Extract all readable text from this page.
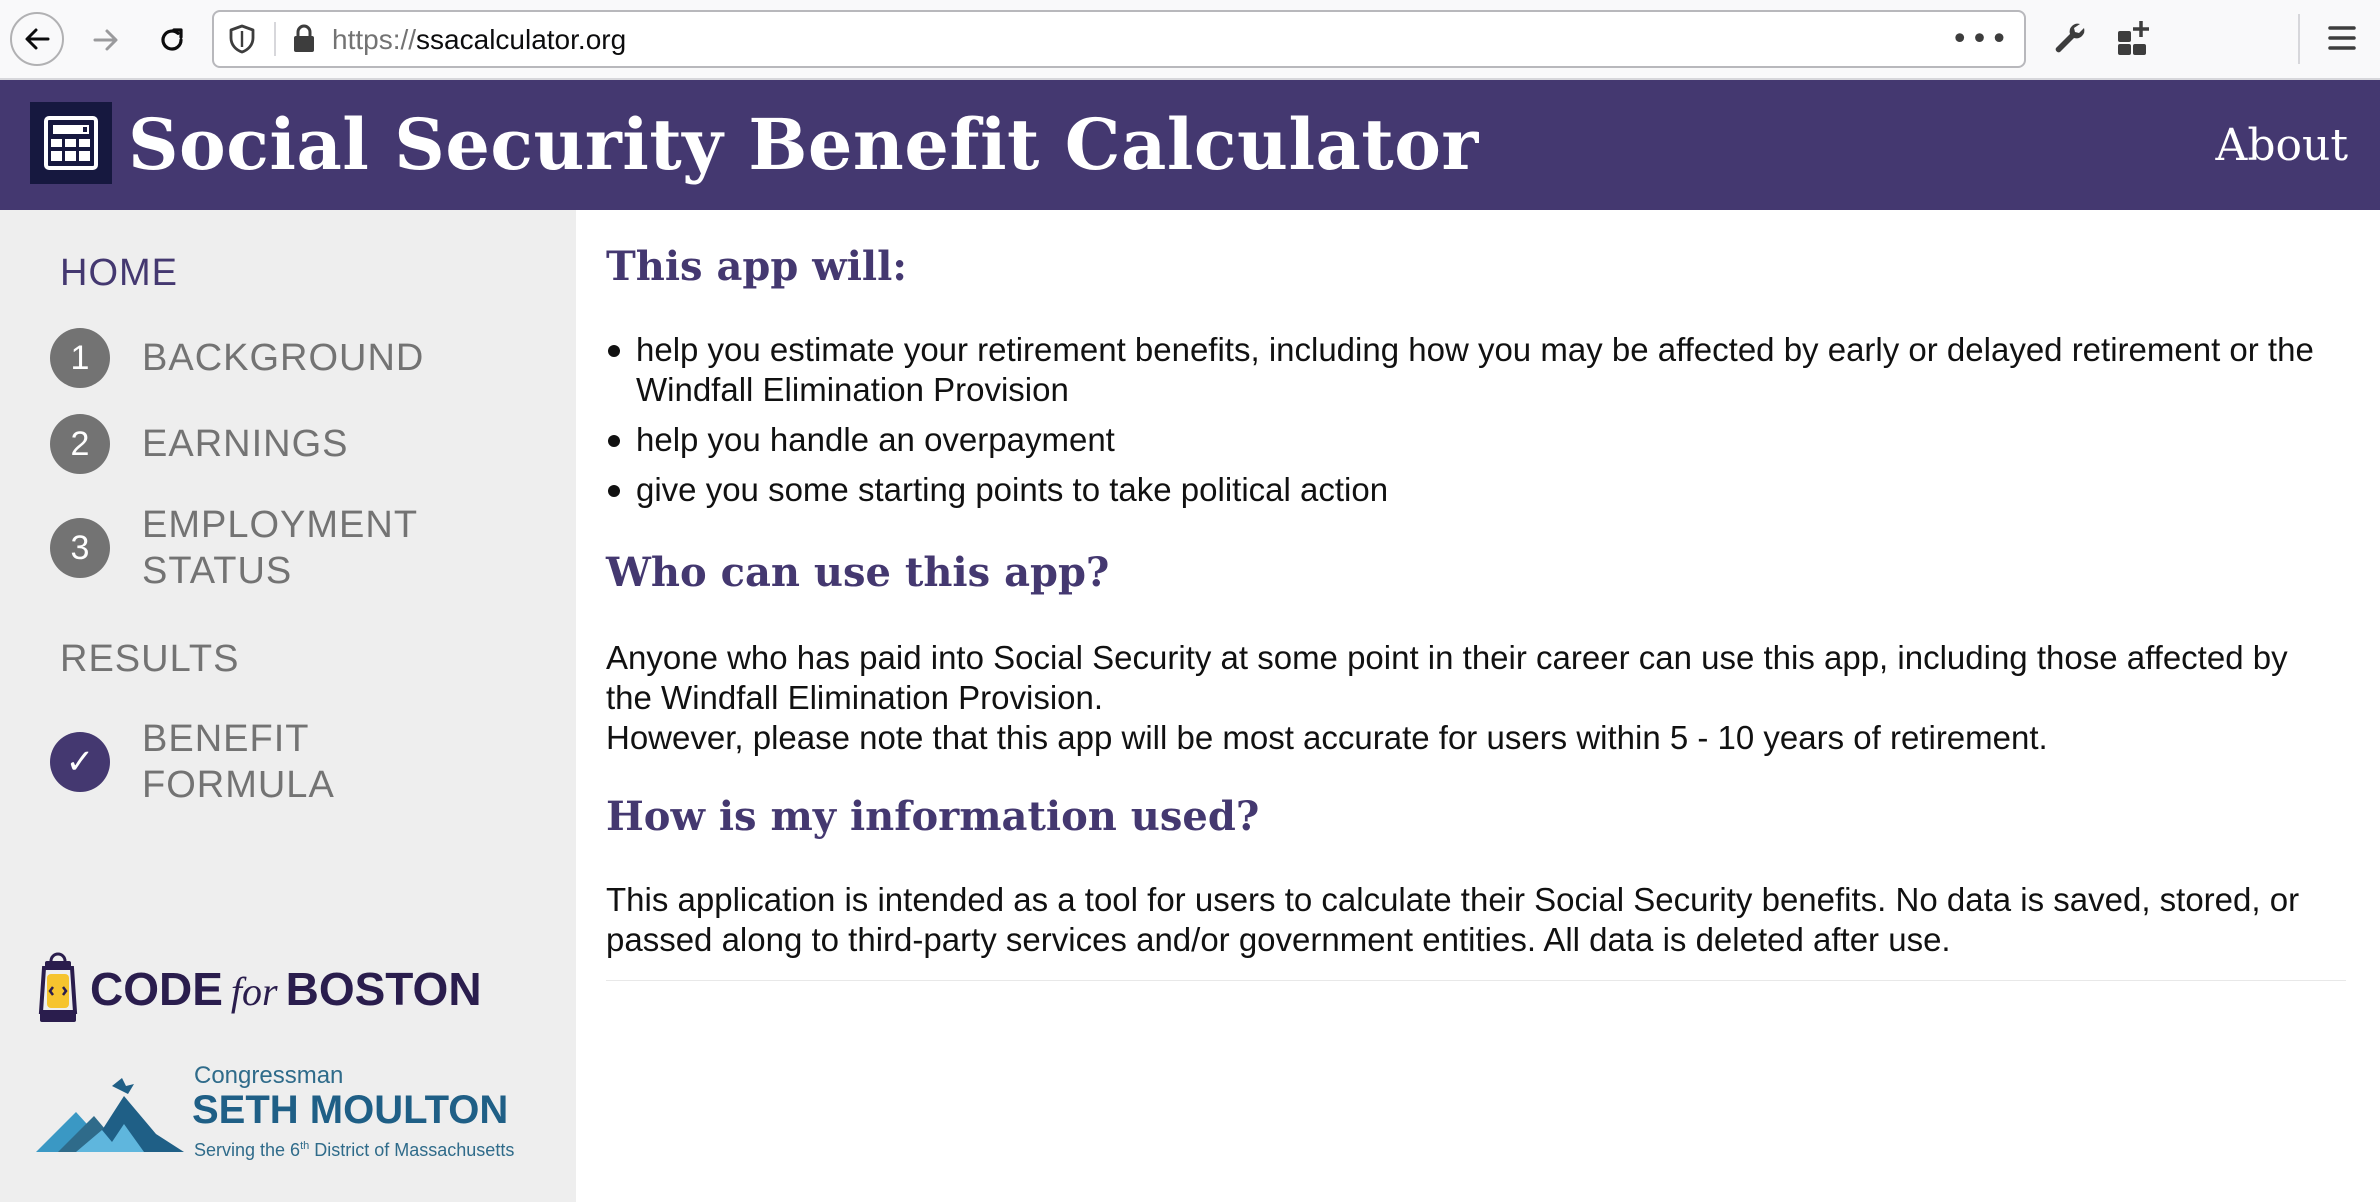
https://ssacalculator.org	•••
Social Security Benefit Calculator	About
HOME
1	BACKGROUND
2	EARNINGS
3
EMPLOYMENT STATUS
RESULTS
✓
BENEFIT FORMULA
CODE for BOSTON
Congressman
SETH MOULTON
Serving the 6th District of Massachusetts
This app will:
help you estimate your retirement benefits, including how you may be affected by early or delayed retirement or the Windfall Elimination Provision
help you handle an overpayment
give you some starting points to take political action
Who can use this app?
Anyone who has paid into Social Security at some point in their career can use this app, including those affected by the Windfall Elimination Provision.
However, please note that this app will be most accurate for users within 5 - 10 years of retirement.
How is my information used?
This application is intended as a tool for users to calculate their Social Security benefits. No data is saved, stored, or passed along to third-party services and/or government entities. All data is deleted after use.
